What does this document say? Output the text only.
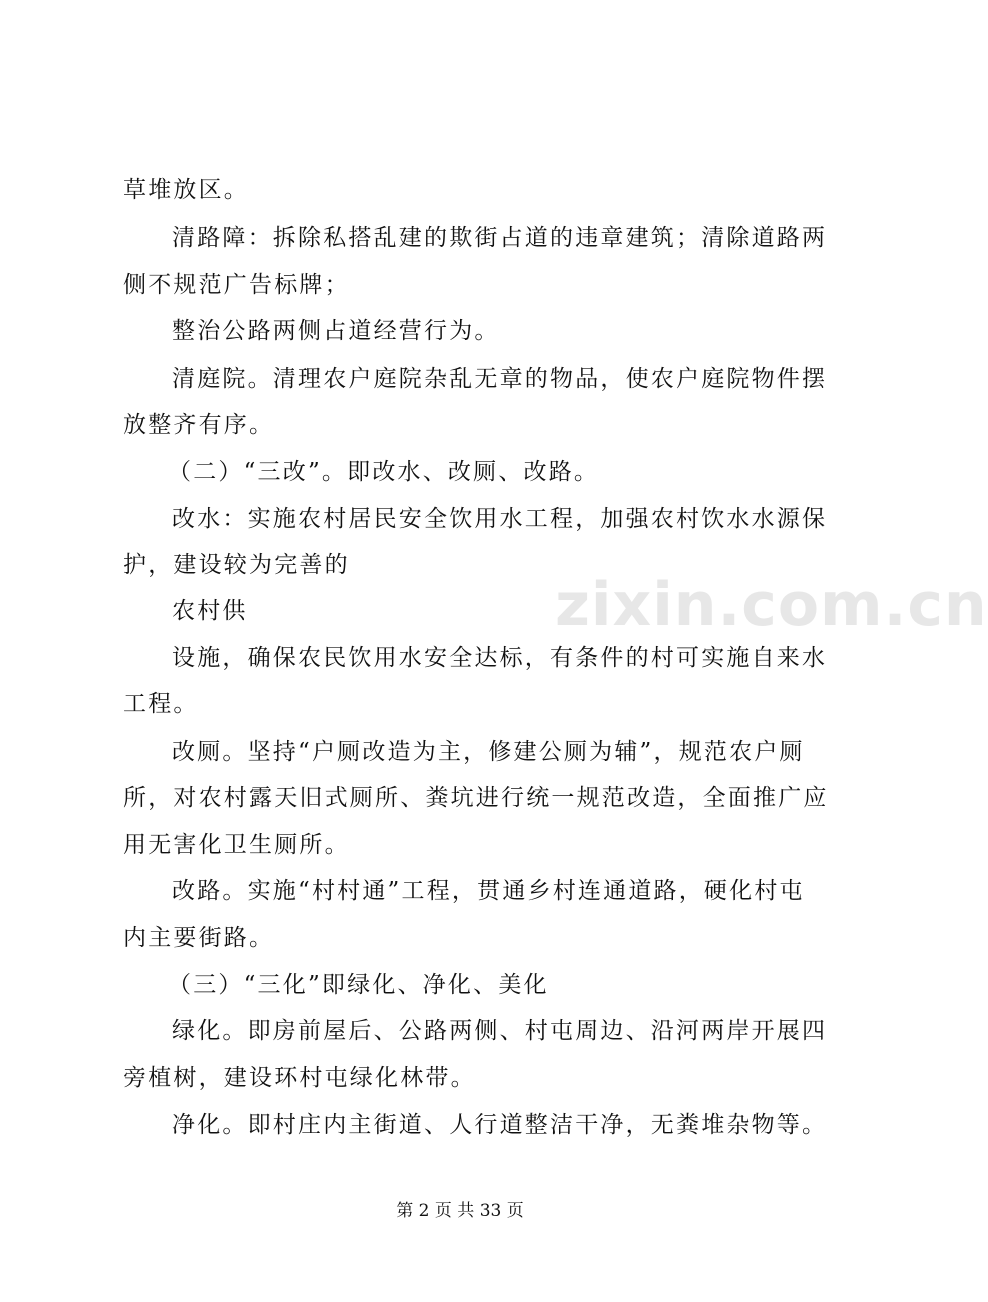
zixin.com.cn
草堆放区。
清路障：拆除私搭乱建的欺街占道的违章建筑；清除道路两
侧不规范广告标牌；
整治公路两侧占道经营行为。
清庭院。清理农户庭院杂乱无章的物品，使农户庭院物件摆
放整齐有序。
（二）“三改”。即改水、改厕、改路。
改水：实施农村居民安全饮用水工程，加强农村饮水水源保
护，建设较为完善的
农村供
设施，确保农民饮用水安全达标，有条件的村可实施自来水
工程。
改厕。坚持“户厕改造为主，修建公厕为辅”，规范农户厕
所，对农村露天旧式厕所、粪坑进行统一规范改造，全面推广应
用无害化卫生厕所。
改路。实施“村村通”工程，贯通乡村连通道路，硬化村屯
内主要街路。
（三）“三化”即绿化、净化、美化
绿化。即房前屋后、公路两侧、村屯周边、沿河两岸开展四
旁植树，建设环村屯绿化林带。
净化。即村庄内主街道、人行道整洁干净，无粪堆杂物等。
第 2 页 共 33 页
